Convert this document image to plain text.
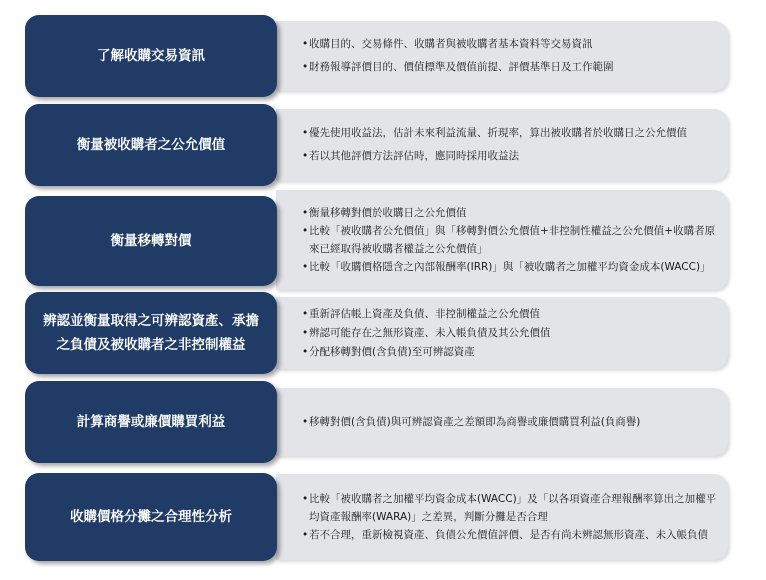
了解收購交易資訊
• 收購目的、交易條件、收購者與被收購者基本資料等交易資訊
• 財務報導評價目的、價值標準及價值前提、評價基準日及工作範圍
衡量被收購者之公允價值
• 優先使用收益法，估計未來利益流量、折現率，算出被收購者於收購日之公允價值
• 若以其他評價方法評估時，應同時採用收益法
衡量移轉對價
• 衡量移轉對價於收購日之公允價值
• 比較「被收購者公允價值」與「移轉對價公允價值+非控制性權益之公允價值+收購者原來已經取得被收購者權益之公允價值」
• 比較「收購價格隱含之內部報酬率(IRR)」與「被收購者之加權平均資金成本(WACC)」
辨認並衡量取得之可辨認資產、承擔之負債及被收購者之非控制權益
• 重新評估帳上資產及負債、非控制權益之公允價值
• 辨認可能存在之無形資產、未入帳負債及其公允價值
• 分配移轉對價(含負債)至可辨認資產
計算商譽或廉價購買利益	• 移轉對價(含負債)與可辨認資產之差額即為商譽或廉價購買利益(負商譽)
收購價格分攤之合理性分析
• 比較「被收購者之加權平均資金成本(WACC)」及「以各項資產合理報酬率算出之加權平均資產報酬率(WARA)」之差異，判斷分攤是否合理
• 若不合理，重新檢視資產、負債公允價值評價、是否有尚未辨認無形資產、未入帳負債
